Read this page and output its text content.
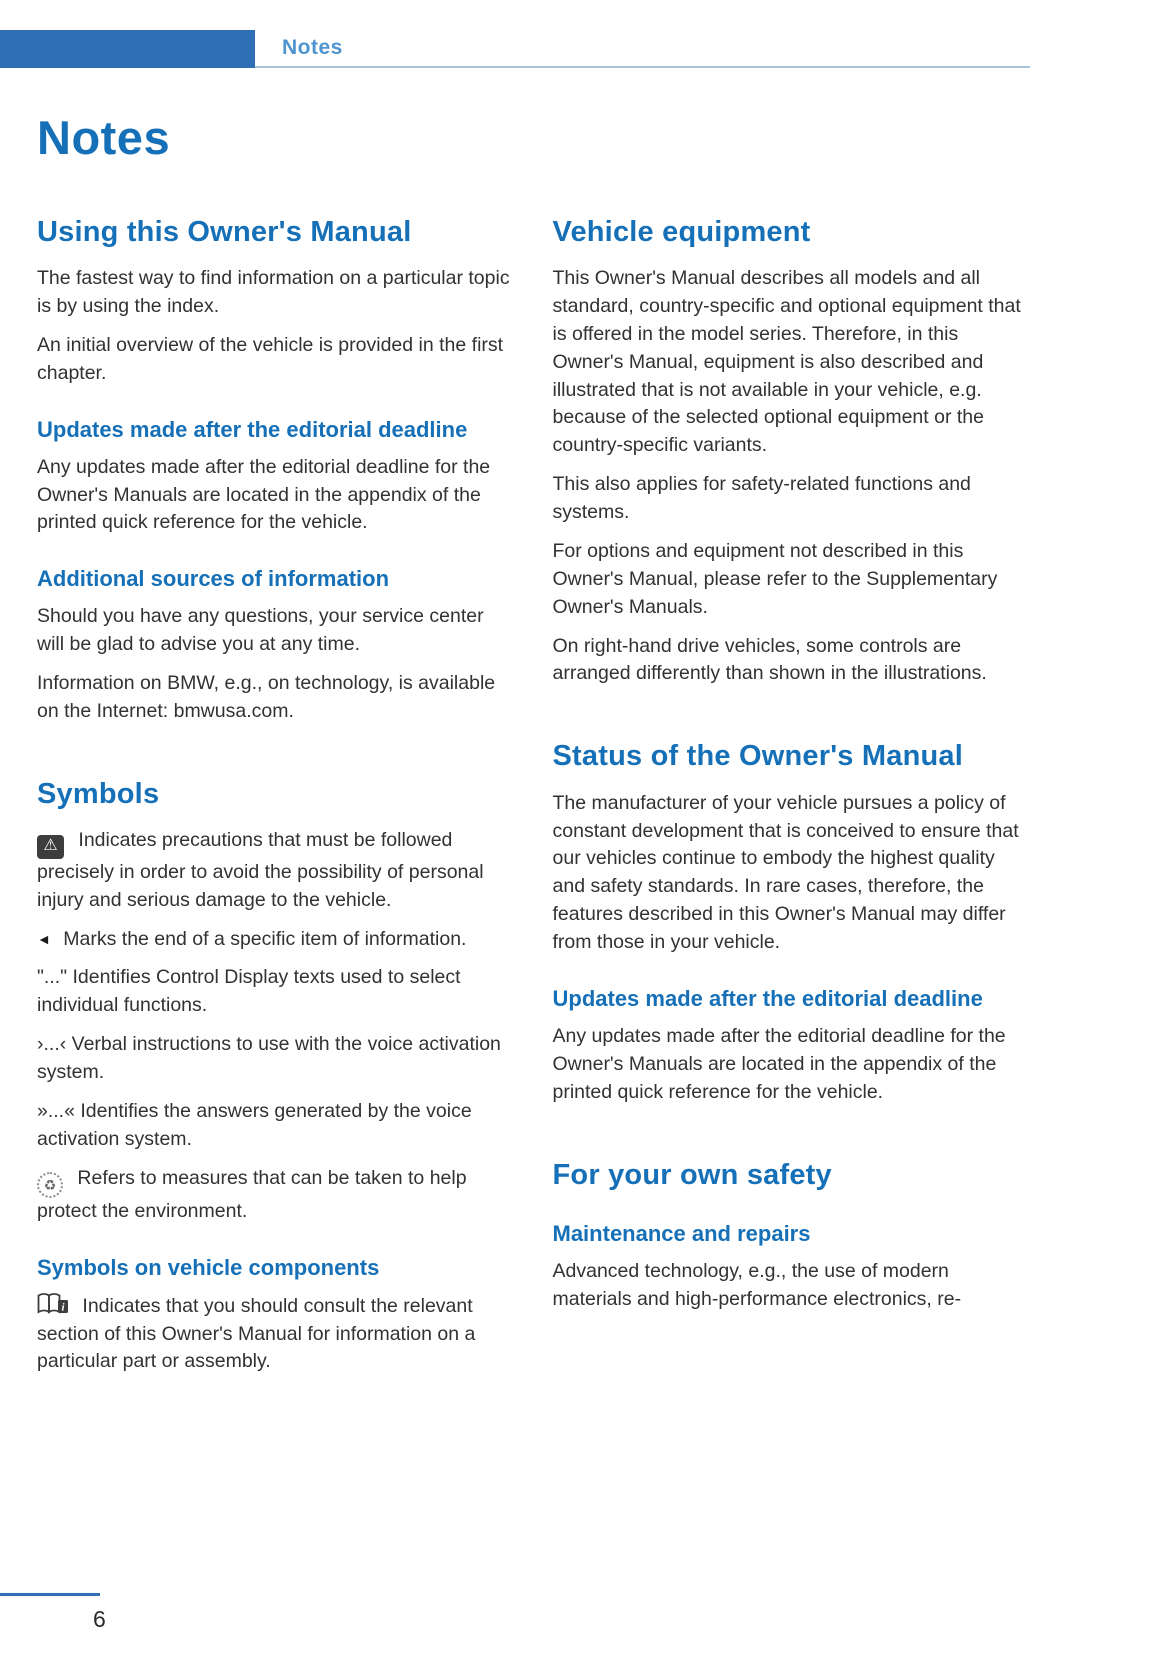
Notes
Notes
Using this Owner's Manual

The fastest way to find information on a particular topic is by using the index.

An initial overview of the vehicle is provided in the first chapter.

Updates made after the editorial deadline

Any updates made after the editorial deadline for the Owner's Manuals are located in the appendix of the printed quick reference for the vehicle.

Additional sources of information

Should you have any questions, your service center will be glad to advise you at any time.

Information on BMW, e.g., on technology, is available on the Internet: bmwusa.com.

Symbols

⚠ Indicates precautions that must be followed precisely in order to avoid the possibility of personal injury and serious damage to the vehicle.

◄ Marks the end of a specific item of information.

"..." Identifies Control Display texts used to select individual functions.

›...‹ Verbal instructions to use with the voice activation system.

»...« Identifies the answers generated by the voice activation system.

♻ Refers to measures that can be taken to help protect the environment.

Symbols on vehicle components

i Indicates that you should consult the relevant section of this Owner's Manual for information on a particular part or assembly.

Vehicle equipment

This Owner's Manual describes all models and all standard, country-specific and optional equipment that is offered in the model series. Therefore, in this Owner's Manual, equipment is also described and illustrated that is not available in your vehicle, e.g. because of the selected optional equipment or the country-specific variants.

This also applies for safety-related functions and systems.

For options and equipment not described in this Owner's Manual, please refer to the Supplementary Owner's Manuals.

On right-hand drive vehicles, some controls are arranged differently than shown in the illustrations.

Status of the Owner's Manual

The manufacturer of your vehicle pursues a policy of constant development that is conceived to ensure that our vehicles continue to embody the highest quality and safety standards. In rare cases, therefore, the features described in this Owner's Manual may differ from those in your vehicle.

Updates made after the editorial deadline

Any updates made after the editorial deadline for the Owner's Manuals are located in the appendix of the printed quick reference for the vehicle.

For your own safety
Maintenance and repairs

Advanced technology, e.g., the use of modern materials and high-performance electronics, re-

6
